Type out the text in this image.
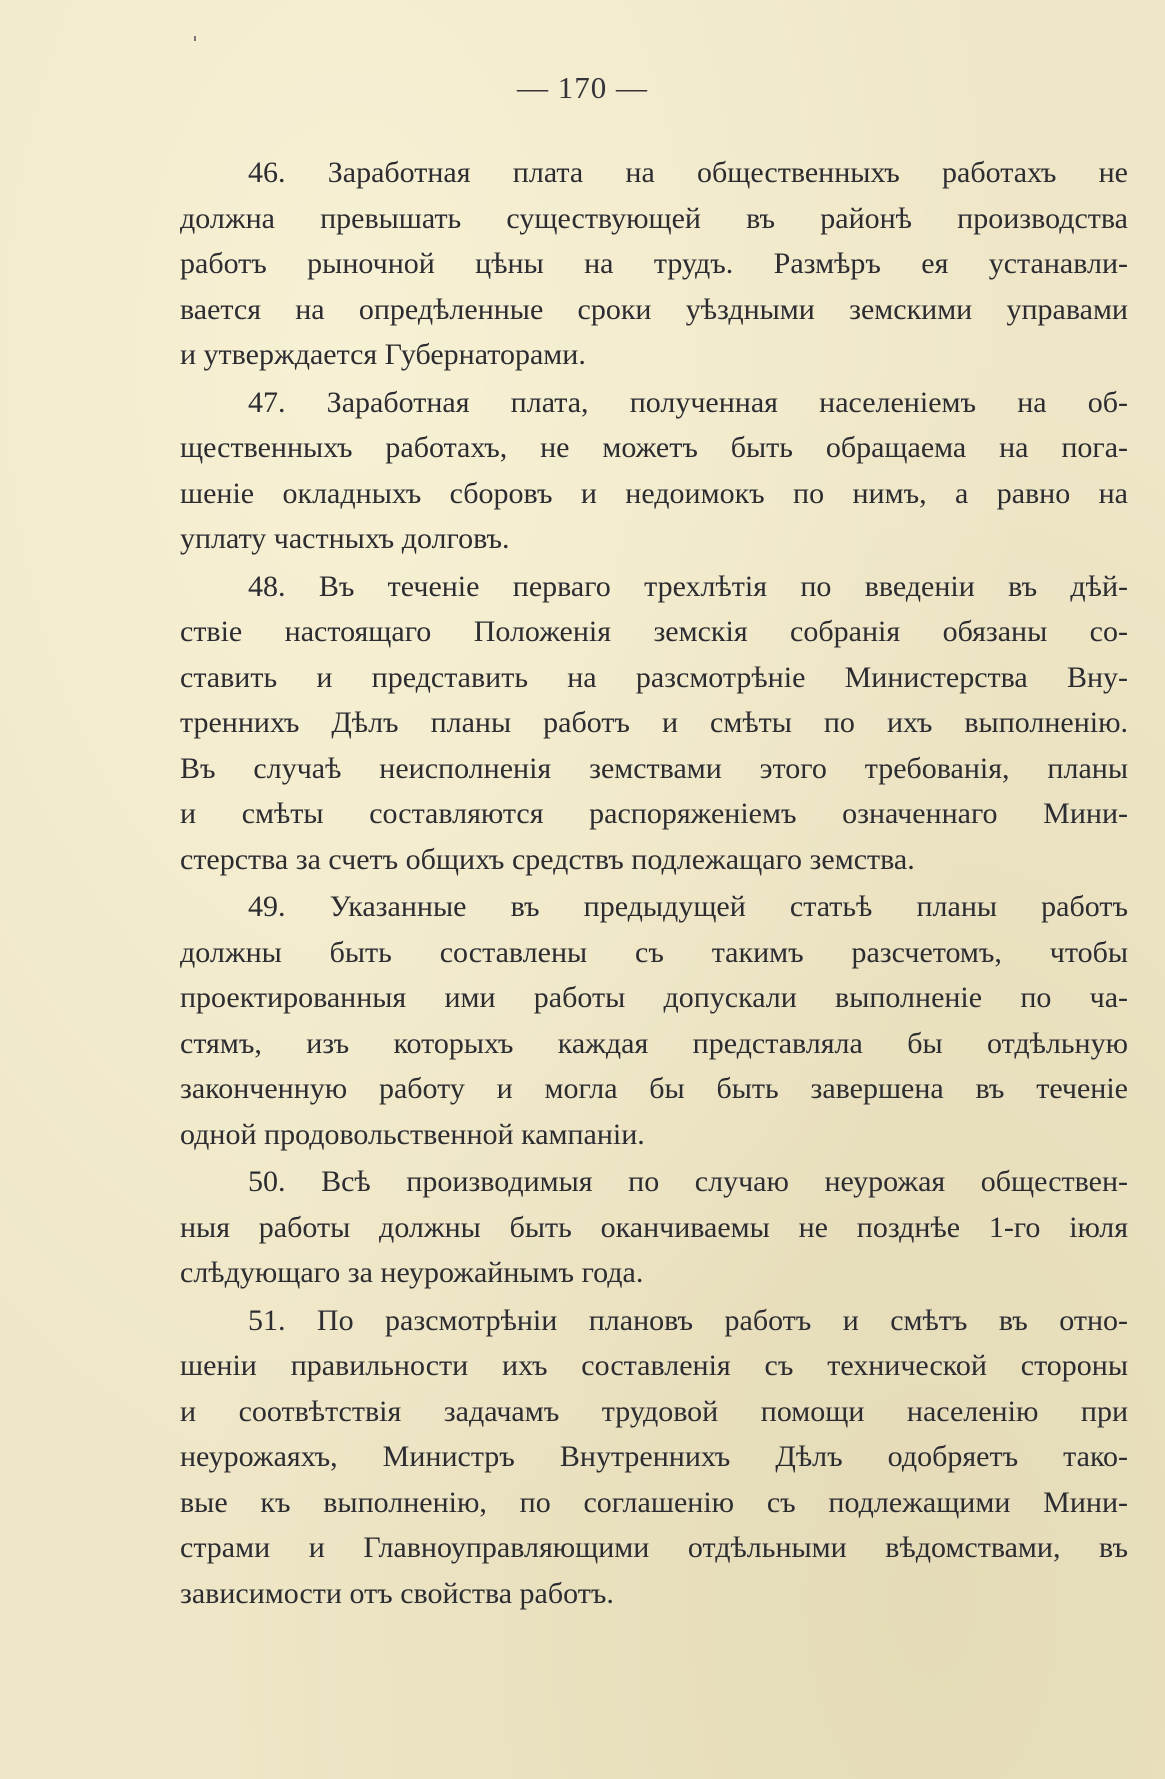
— 170 —
46. Заработная плата на общественныхъ работахъ не
должна превышать существующей въ районѣ производства
работъ рыночной цѣны на трудъ. Размѣръ ея устанавли-
вается на опредѣленные сроки уѣздными земскими управами
и утверждается Губернаторами.
47. Заработная плата, полученная населеніемъ на об-
щественныхъ работахъ, не можетъ быть обращаема на пога-
шеніе окладныхъ сборовъ и недоимокъ по нимъ, а равно на
уплату частныхъ долговъ.
48. Въ теченіе перваго трехлѣтія по введеніи въ дѣй-
ствіе настоящаго Положенія земскія собранія обязаны со-
ставить и представить на разсмотрѣніе Министерства Вну-
треннихъ Дѣлъ планы работъ и смѣты по ихъ выполненію.
Въ случаѣ неисполненія земствами этого требованія, планы
и смѣты составляются распоряженіемъ означеннаго Мини-
стерства за счетъ общихъ средствъ подлежащаго земства.
49. Указанные въ предыдущей статьѣ планы работъ
должны быть составлены съ такимъ разсчетомъ, чтобы
проектированныя ими работы допускали выполненіе по ча-
стямъ, изъ которыхъ каждая представляла бы отдѣльную
законченную работу и могла бы быть завершена въ теченіе
одной продовольственной кампаніи.
50. Всѣ производимыя по случаю неурожая обществен-
ныя работы должны быть оканчиваемы не позднѣе 1-го іюля
слѣдующаго за неурожайнымъ года.
51. По разсмотрѣніи плановъ работъ и смѣтъ въ отно-
шеніи правильности ихъ составленія съ технической стороны
и соотвѣтствія задачамъ трудовой помощи населенію при
неурожаяхъ, Министръ Внутреннихъ Дѣлъ одобряетъ тако-
вые къ выполненію, по соглашенію съ подлежащими Мини-
страми и Главноуправляющими отдѣльными вѣдомствами, въ
зависимости отъ свойства работъ.
